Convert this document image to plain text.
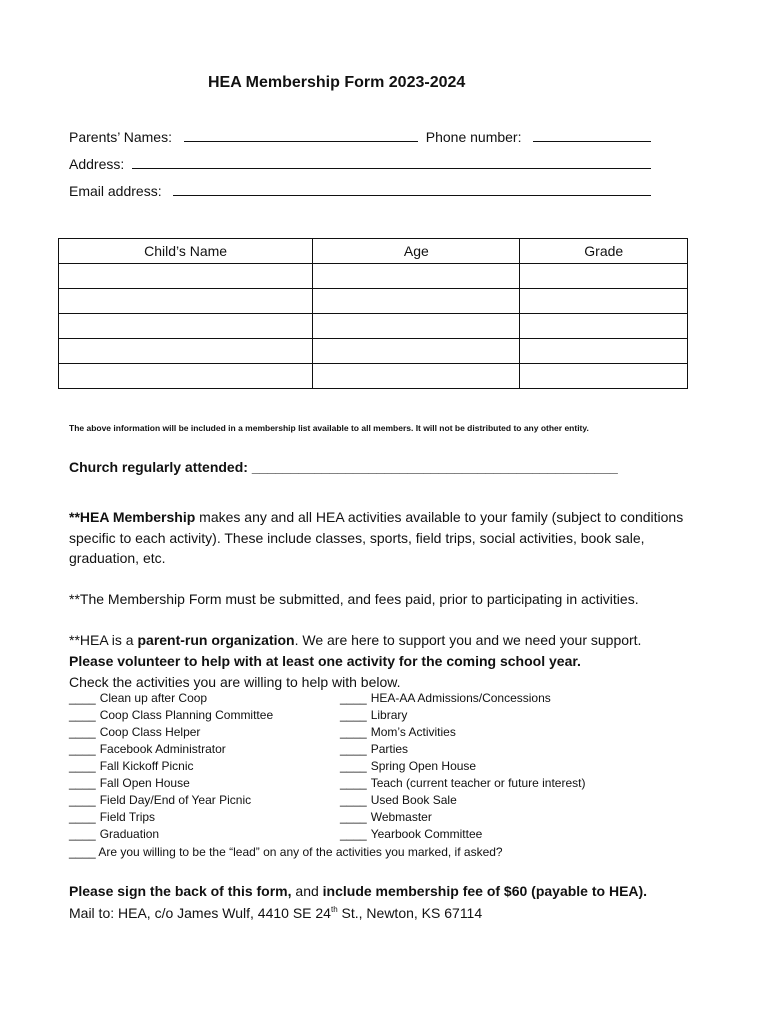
HEA Membership Form 2023-2024
Parents’ Names:	Phone number:
Address:
Email address:
Child’s Name	Age	Grade

The above information will be included in a membership list available to all members. It will not be distributed to any other entity.
Church regularly attended: _______________________________________________
**HEA Membership makes any and all HEA activities available to your family (subject to conditions specific to each activity). These include classes, sports, field trips, social activities, book sale, graduation, etc.
**The Membership Form must be submitted, and fees paid, prior to participating in activities.
**HEA is a parent-run organization. We are here to support you and we need your support.
Please volunteer to help with at least one activity for the coming school year.
Check the activities you are willing to help with below.
____ Clean up after Coop
____ Coop Class Planning Committee
____ Coop Class Helper
____ Facebook Administrator
____ Fall Kickoff Picnic
____ Fall Open House
____ Field Day/End of Year Picnic
____ Field Trips
____ Graduation
____ HEA-AA Admissions/Concessions
____ Library
____ Mom’s Activities
____ Parties
____ Spring Open House
____ Teach (current teacher or future interest)
____ Used Book Sale
____ Webmaster
____ Yearbook Committee
____ Are you willing to be the “lead” on any of the activities you marked, if asked?
Please sign the back of this form, and include membership fee of $60 (payable to HEA).
Mail to: HEA, c/o James Wulf, 4410 SE 24th St., Newton, KS 67114
